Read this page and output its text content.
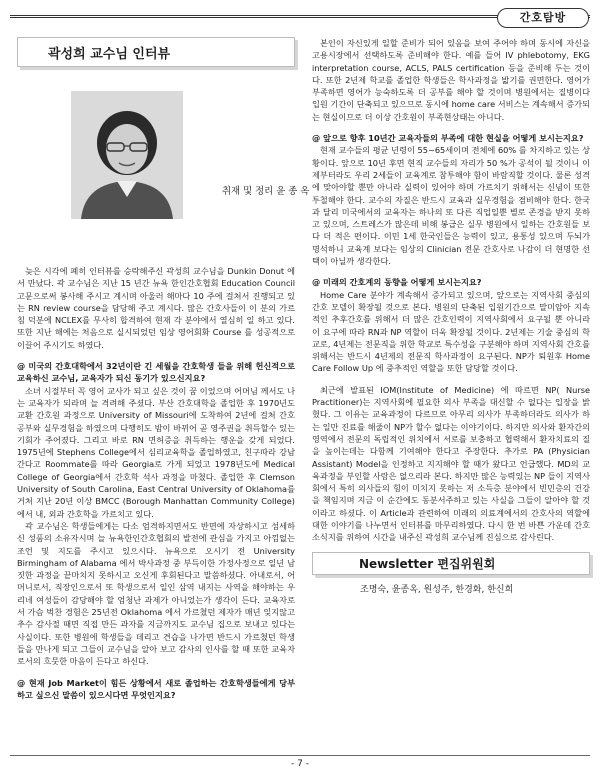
간호탐방
곽성희 교수님 인터뷰
취재 및 정리 윤 종 옥

늦은 시각에 폐히 인터뷰를 승락해주신 곽성희 교수님을 Dunkin Donut 에서 만났다. 곽 교수님은 지난 15 년간 뉴욕 한인간호협회 Education Council 고문으로써 봉사해 주시고 계시며 아울러 해마다 10 주에 걸쳐서 진행되고 있는 RN review course을 담당해 주고 계시다. 많은 간호사들이 이 분의 가르침 덕분에 NCLEX를 무사히 합격하여 현재 각 분야에서 열심히 일 하고 있다. 또한 지난 해에는 처음으로 실시되었던 임상 영어회화 Course 를 성공적으로 이끌어 주시기도 하였다.

@ 미국의 간호대학에서 32년이란 긴 세월을 간호학생 들을 위해 헌신적으로 교육하신 교수님, 교육자가 되신 동기가 있으신지요?

소녀 시절부터 꼭 영어 교사가 되고 싶은 것이 꿈 이었으며 어머님 께서도 나는 교육자가 되라며 늘 격려해 주셨다. 부산 간호대학을 졸업한 후 1970년도 교환 간호원 과정으로 University of Missouri에 도착하여 2년에 걸쳐 간호 공부와 실무경험을 하였으며 다행히도 밤이 바뀌어 곧 영주권을 취득할수 있는 기회가 주어졌다. 그리고 바로 RN 면허증을 취득하는 행운을 갖게 되었다. 1975년에 Stephens College에서 심리교육학을 졸업하였고, 친구따라 강남간다고 Roommate를 따라 Georgia로 가게 되었고 1978년도에 Medical College of Georgia에서 간호학 석사 과정을 마쳤다. 졸업한 후 Clemson University of South Carolina, East Central University of Oklahoma를 거쳐 지난 20년 이상 BMCC (Borough Manhattan Community College) 에서 내, 외과 간호학을 가르치고 있다.

곽 교수님은 학생들에게는 다소 엄격하지면서도 반면에 자상하시고 섬세하신 성품의 소유자시며 늘 뉴욕한인간호협회의 발전에 관심을 가지고 아낌없는 조언 및 지도를 주시고 있으시다. 뉴욕으로 오시기 전 University Birmingham of Alabama 에서 박사과정 중 부득이한 가정사정으로 일년 남짓한 과정을 끝마치지 못하시고 오신게 후회된다고 말씀하셨다. 아내로서, 어머니로서, 직장인으로서 또 학생으로서 일인 삼역 내지는 사역을 해야하는 우리네 여성들이 감당해야 할 엄청난 과제가 아니었는가 생각이 든다. 교육자로서 가슴 벅찬 경험은 25년전 Oklahoma 에서 가르쳤던 제자가 매년 잊지않고 추수 감사절 때면 직접 만든 과자를 지금까지도 교수님 집으로 보내고 있다는 사실이다. 또한 병원에 학생들을 데리고 견습을 나가면 반드시 가르쳤던 학생들을 만나게 되고 그들이 교수님을 알아 보고 감사의 인사를 할 때 또한 교육자로서의 흐뭇한 마음이 든다고 하신다.

@ 현재 Job Market이 힘든 상황에서 새로 졸업하는 간호학생들에게 당부하고 싶으신 말씀이 있으시다면 무엇인지요?

본인이 자신있게 일할 준비가 되어 있음을 보여 주어야 하며 동시에 자신을 고용시장에서 선택하도록 준비해야 한다. 예를 들어 IV phlebotomy, EKG interpretation course, ACLS, PALS certification 등을 준비해 두는 것이다. 또한 2년제 학교를 졸업한 학생들은 학사과정을 밟기를 권면한다. 영어가 부족하면 영어가 능숙하도록 더 공부를 해야 할 것이며 병원에서는 질병이다 입원 기간이 단축되고 있으므로 동시에 home care 서비스는 계속해서 증가되는 현실이므로 더 이상 간호원이 부족현상태는 아니다.

@ 앞으로 향후 10년간 교육자들의 부족에 대한 현실을 어떻게 보시는지요?

현재 교수들의 평균 년령이 55~65세이며 전체에 60% 를 차지하고 있는 상황이다. 앞으로 10년 후면 현직 교수들의 자리가 50 %가 공석이 될 것이니 이제부터라도 우리 2세들이 교육계로 참투해야 함이 바람직할 것이다. 물론 성격에 맞아야할 뿐만 아니라 실력이 있어야 하며 가르치기 위해서는 신념이 또한 투철해야 한다. 교수의 자질은 반드시 교육과 실무경험을 겸비해야 한다. 한국과 달리 미국에서의 교육자는 하나의 또 다른 직업일뿐 별로 존경을 받지 못하고 있으며, 스트레스가 많은데 비해 봉급은 실무 병원에서 일하는 간호원들 보다 더 적은 편이다. 이민 1세 한국인들은 능력이 있고, 용통성 있으며 두뇌가 명석하니 교육계 보다는 임상의 Clinician 전문 간호사로 나감이 더 현명한 선택이 아닐까 생각한다.

@ 미래의 간호계의 동향을 어떻게 보시는지요?

Home Care 분야가 계속해서 증가되고 있으며, 앞으로는 지역사회 중심의 간호 모델이 확장될 것으로 본다. 병원의 단축된 입원기간으로 말미암아 지속적인 추후간호를 위해서 더 많은 간호인력이 지역사회에서 요구될 뿐 아니라 이 요구에 따라 RN과 NP 역할이 더욱 확장될 것이다. 2년제는 기술 중심의 학교로, 4년제는 전문직을 위한 학교로 특수성을 구분해야 하며 지역사회 간호를 위해서는 반드시 4년제의 전문직 학사과정이 요구된다. NP가 퇴원후 Home Care Follow Up 에 중추적인 역할을 또한 담당할 것이다.

최근에 발표된 IOM(Institute of Medicine) 에 따르면 NP( Nurse Practitioner)는 지역사회에 필요한 의사 부족을 대신할 수 없다는 입장을 밝혔다. 그 이유는 교육과정이 다르므로 아무리 의사가 부족하더라도 의사가 하는 일만 진료를 해줄이 NP가 할수 없다는 이야기이다. 하지만 의사와 환자간의 영역에서 전문의 독립적인 위치에서 서로를 보충하고 협력해서 환자치료의 질을 높이는데는 다함께 기여해야 한다고 주장한다. 추가로 PA (Physician Assistant) Model을 인정하고 지지해야 할 때가 왔다고 언급했다. MD의 교육과정을 부인할 사람은 없으리라 본다. 하지만 많은 능력있는 NP 들이 지역사회에서 특히 의사들의 힘이 미치지 못하는 저 소득층 분야에서 빈민층의 건강을 책임지며 지금 이 순간에도 동분서주하고 있는 사실을 그들이 알아야 할 것이라고 하셨다. 이 Article과 관련하여 미래의 의료계에서의 간호사의 역할에 대한 이야기를 나누면서 인터뷰를 마무리하였다. 다시 한 번 바쁜 가운데 간호 소식지를 위하여 시간을 내주신 곽성희 교수님께 진심으로 감사린다.

Newsletter 편집위원회
조명숙, 윤종옥, 원성주, 한경화, 한신희
- 7 -
